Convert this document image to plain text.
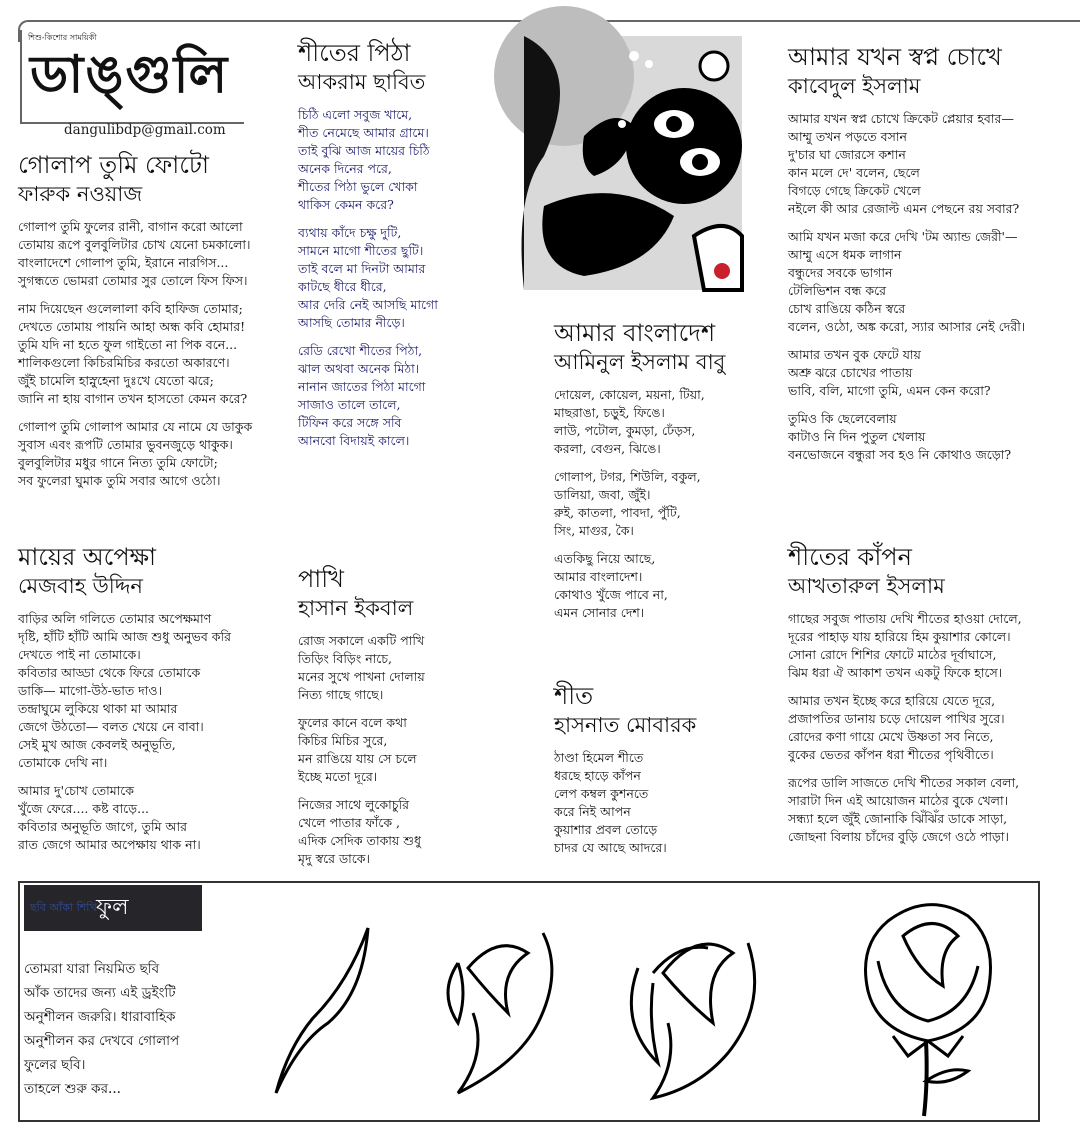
শিশু-কিশোর সাময়িকী
ডাঙ্গুলি
dangulibdp@gmail.com
গোলাপ তুমি ফোটো
ফারুক নওয়াজ
গোলাপ তুমি ফুলের রানী, বাগান করো আলো
তোমায় রূপে বুলবুলিটার চোখ যেনো চমকালো।
বাংলাদেশে গোলাপ তুমি, ইরানে নারগিস...
সুগন্ধতে ভোমরা তোমার সুর তোলে ফিস ফিস।
নাম দিয়েছেন গুলেলালা কবি হাফিজ তোমার;
দেখতে তোমায় পায়নি আহা অন্ধ কবি হোমার!
তুমি যদি না হতে ফুল গাইতো না পিক বনে...
শালিকগুলো কিচিরমিচির করতো অকারণে।
জুঁই চামেলি হাস্নুহেনা দুঃখে যেতো ঝরে;
জানি না হায় বাগান তখন হাসতো কেমন করে?
গোলাপ তুমি গোলাপ আমার যে নামে যে ডাকুক
সুবাস এবং রূপটি তোমার ভুবনজুড়ে থাকুক।
বুলবুলিটার মধুর গানে নিত্য তুমি ফোটো;
সব ফুলেরা ঘুমাক তুমি সবার আগে ওঠো।
শীতের পিঠা
আকরাম ছাবিত
চিঠি এলো সবুজ খামে,
শীত নেমেছে আমার গ্রামে।
তাই বুঝি আজ মায়ের চিঠি
অনেক দিনের পরে,
শীতের পিঠা ভুলে খোকা
থাকিস কেমন করে?
ব্যথায় কাঁদে চক্ষু দুটি,
সামনে মাগো শীতের ছুটি।
তাই বলে মা দিনটা আমার
কাটছে ধীরে ধীরে,
আর দেরি নেই আসছি মাগো
আসছি তোমার নীড়ে।
রেডি রেখো শীতের পিঠা,
ঝাল অথবা অনেক মিঠা।
নানান জাতের পিঠা মাগো
সাজাও তালে তালে,
টিফিন করে সঙ্গে সবি
আনবো বিদায়ই কালে।
আমার যখন স্বপ্ন চোখে
কাবেদুল ইসলাম
আমার যখন স্বপ্ন চোখে ক্রিকেট প্লেয়ার হবার—
আম্মু তখন পড়তে বসান
দু'চার ঘা জোরসে কশান
কান মলে দে' বলেন, ছেলে
বিগড়ে গেছে ক্রিকেট খেলে
নইলে কী আর রেজাল্ট এমন পেছনে রয় সবার?
আমি যখন মজা করে দেখি 'টম অ্যান্ড জেরী'—
আম্মু এসে ধমক লাগান
বন্ধুদের সবকে ভাগান
টেলিভিশন বন্ধ করে
চোখ রাঙিয়ে কঠিন স্বরে
বলেন, ওঠো, অঙ্ক করো, স্যার আসার নেই দেরী।
আমার তখন বুক ফেটে যায়
অশ্রু ঝরে চোখের পাতায়
ভাবি, বলি, মাগো তুমি, এমন কেন করো?
তুমিও কি ছেলেবেলায়
কাটাও নি দিন পুতুল খেলায়
বনভোজনে বন্ধুরা সব হও নি কোথাও জড়ো?
আমার বাংলাদেশ
আমিনুল ইসলাম বাবু
দোয়েল, কোয়েল, ময়না, টিয়া,
মাছরাঙা, চড়ুই, ফিঙে।
লাউ, পটোল, কুমড়া, ঢেঁড়স,
করলা, বেগুন, ঝিঙে।
গোলাপ, টগর, শিউলি, বকুল,
ডালিয়া, জবা, জুঁই।
রুই, কাতলা, পাবদা, পুঁটি,
সিং, মাগুর, কৈ।
এতকিছু নিয়ে আছে,
আমার বাংলাদেশ।
কোথাও খুঁজে পাবে না,
এমন সোনার দেশ।
মায়ের অপেক্ষা
মেজবাহ উদ্দিন
বাড়ির অলি গলিতে তোমার অপেক্ষমাণ
দৃষ্টি, হাঁটি হাঁটি আমি আজ শুধু অনুভব করি
দেখতে পাই না তোমাকে।
কবিতার আড্ডা থেকে ফিরে তোমাকে
ডাকি— মাগো-উঠ-ভাত দাও।
তন্দ্রাঘুমে লুকিয়ে থাকা মা আমার
জেগে উঠতো— বলত খেয়ে নে বাবা।
সেই মুখ আজ কেবলই অনুভূতি,
তোমাকে দেখি না।
আমার দু'চোখ তোমাকে
খুঁজে ফেরে.... কষ্ট বাড়ে...
কবিতার অনুভূতি জাগে, তুমি আর
রাত জেগে আমার অপেক্ষায় থাক না।
পাখি
হাসান ইকবাল
রোজ সকালে একটি পাখি
তিড়িং বিড়িং নাচে,
মনের সুখে পাখনা দোলায়
নিত্য গাছে গাছে।
ফুলের কানে বলে কথা
কিচির মিচির সুরে,
মন রাঙিয়ে যায় সে চলে
ইচ্ছে মতো দূরে।
নিজের সাথে লুকোচুরি
খেলে পাতার ফাঁকে ,
এদিক সেদিক তাকায় শুধু
মৃদু স্বরে ডাকে।
শীত
হাসনাত মোবারক
ঠাণ্ডা হিমেল শীতে
ধরছে হাড়ে কাঁপন
লেপ কম্বল কুশনতে
করে নিই আপন
কুয়াশার প্রবল তোড়ে
চাদর যে আছে আদরে।
শীতের কাঁপন
আখতারুল ইসলাম
গাছের সবুজ পাতায় দেখি শীতের হাওয়া দোলে,
দূরের পাহাড় যায় হারিয়ে হিম কুয়াশার কোলে।
সোনা রোদে শিশির ফোটে মাঠের দূর্বাঘাসে,
ঝিম ধরা ঐ আকাশ তখন একটু ফিকে হাসে।
আমার তখন ইচ্ছে করে হারিয়ে যেতে দূরে,
প্রজাপতির ডানায় চড়ে দোয়েল পাখির সুরে।
রোদের কণা গায়ে মেখে উষ্ণতা সব নিতে,
বুকের ভেতর কাঁপন ধরা শীতের পৃথিবীতে।
রূপের ডালি সাজতে দেখি শীতের সকাল বেলা,
সারাটা দিন এই আয়োজন মাঠের বুকে খেলা।
সন্ধ্যা হলে জুঁই জোনাকি ঝিঁঝিঁর ডাকে সাড়া,
জোছনা বিলায় চাঁদের বুড়ি জেগে ওঠে পাড়া।
ছবি আঁকা শিখি ফুল
তোমরা যারা নিয়মিত ছবি
আঁক তাদের জন্য এই ড্রইংটি
অনুশীলন জরুরি। ধারাবাহিক
অনুশীলন কর দেখবে গোলাপ
ফুলের ছবি।
তাহলে শুরু কর...
